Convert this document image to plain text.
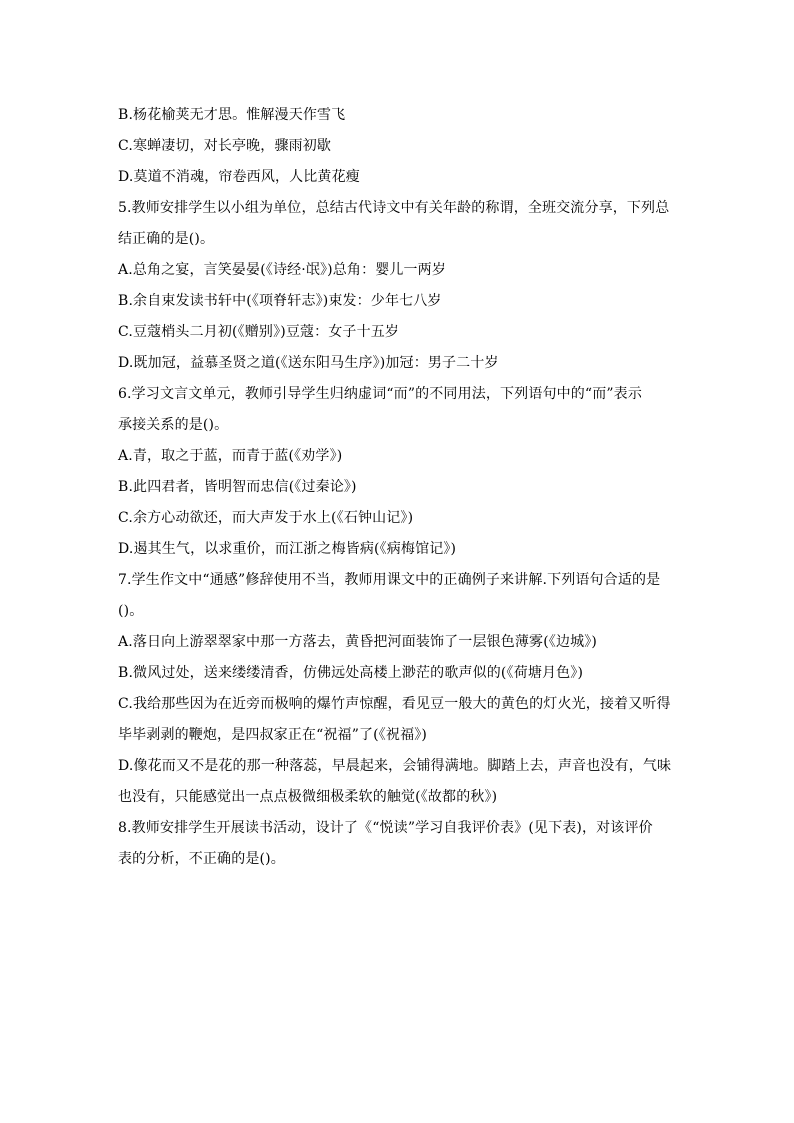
B.杨花榆荚无才思。惟解漫天作雪飞
C.寒蝉凄切，对长亭晚，骤雨初歇
D.莫道不消魂，帘卷西风，人比黄花瘦
5.教师安排学生以小组为单位，总结古代诗文中有关年龄的称谓，全班交流分享，下列总
结正确的是()。
A.总角之宴，言笑晏晏(《诗经·氓》)总角：婴儿一两岁
B.余自束发读书轩中(《项脊轩志》)束发：少年七八岁
C.豆蔻梢头二月初(《赠别》)豆蔻：女子十五岁
D.既加冠，益慕圣贤之道(《送东阳马生序》)加冠：男子二十岁
6.学习文言文单元，教师引导学生归纳虚词“而”的不同用法，下列语句中的“而”表示
承接关系的是()。
A.青，取之于蓝，而青于蓝(《劝学》)
B.此四君者，皆明智而忠信(《过秦论》)
C.余方心动欲还，而大声发于水上(《石钟山记》)
D.遏其生气，以求重价，而江浙之梅皆病(《病梅馆记》)
7.学生作文中“通感”修辞使用不当，教师用课文中的正确例子来讲解.下列语句合适的是
()。
A.落日向上游翠翠家中那一方落去，黄昏把河面装饰了一层银色薄雾(《边城》)
B.微风过处，送来缕缕清香，仿佛远处高楼上渺茫的歌声似的(《荷塘月色》)
C.我给那些因为在近旁而极响的爆竹声惊醒，看见豆一般大的黄色的灯火光，接着又听得
毕毕剥剥的鞭炮，是四叔家正在“祝福”了(《祝福》)
D.像花而又不是花的那一种落蕊，早晨起来，会铺得满地。脚踏上去，声音也没有，气味
也没有，只能感觉出一点点极微细极柔软的触觉(《故都的秋》)
8.教师安排学生开展读书活动，设计了《“悦读”学习自我评价表》(见下表)，对该评价
表的分析，不正确的是()。
